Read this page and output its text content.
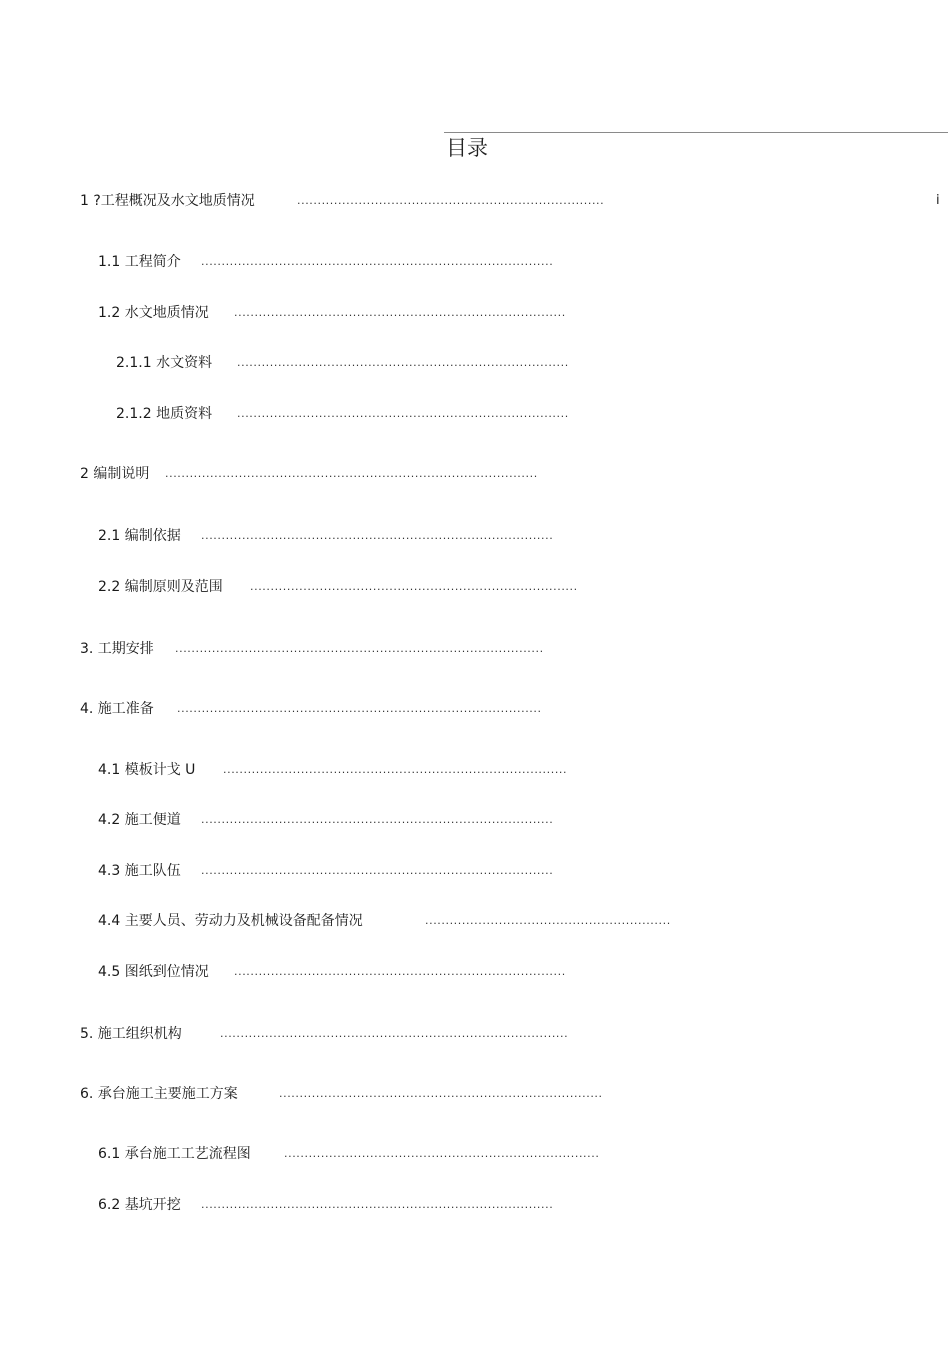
目录
1 ?工程概况及水文地质情况	...........................................................................	i
1.1 工程简介 ......................................................................................
1.2 水文地质情况 .................................................................................
2.1.1 水文资料 .................................................................................
2.1.2 地质资料 .................................................................................
2 编制说明 ...........................................................................................
2.1 编制依据 ......................................................................................
2.2 编制原则及范围 ................................................................................
3. 工期安排 ..........................................................................................
4. 施工准备 .........................................................................................
4.1 模板计戈 U	....................................................................................
4.2 施工便道 ......................................................................................
4.3 施工队伍 ......................................................................................
4.4 主要人员、劳动力及机械设备配备情况	............................................................
4.5 图纸到位情况 .................................................................................
5. 施工组织机构	.....................................................................................
6. 承台施工主要施工方案	...............................................................................
6.1 承台施工工艺流程图	.............................................................................
6.2 基坑开挖 ......................................................................................
